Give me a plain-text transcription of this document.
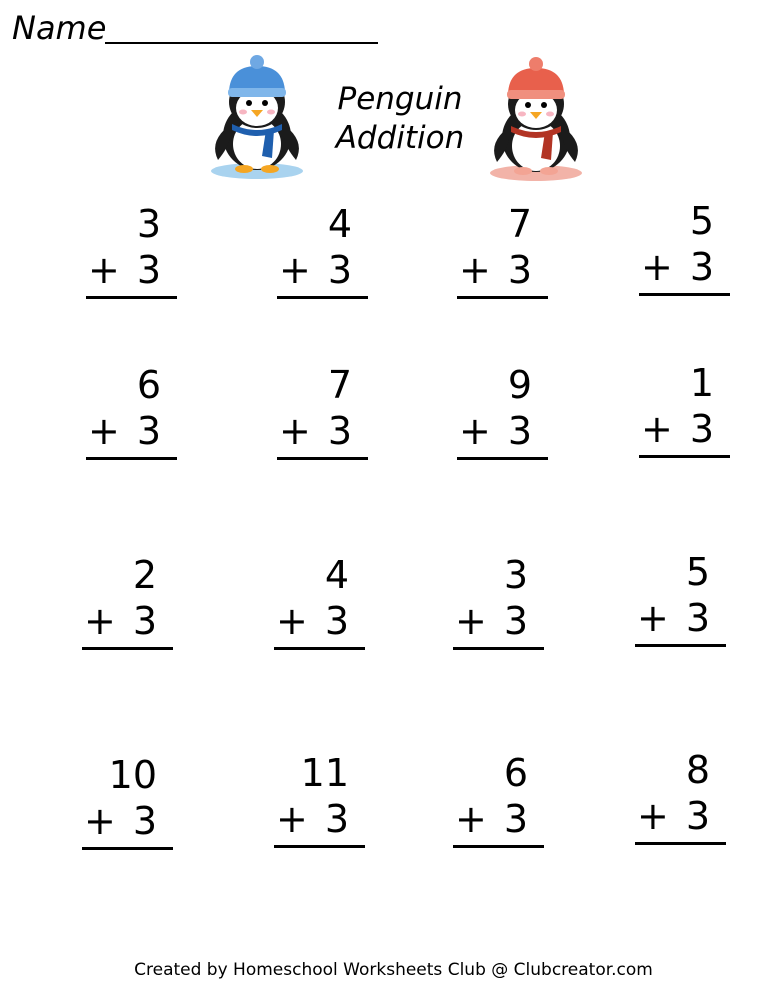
Name
Penguin
Addition
3
+ 3
4
+ 3
7
+ 3
5
+ 3
6
+ 3
7
+ 3
9
+ 3
1
+ 3
2
+ 3
4
+ 3
3
+ 3
5
+ 3
10
+ 3
11
+ 3
6
+ 3
8
+ 3
Created by Homeschool Worksheets Club @ Clubcreator.com
